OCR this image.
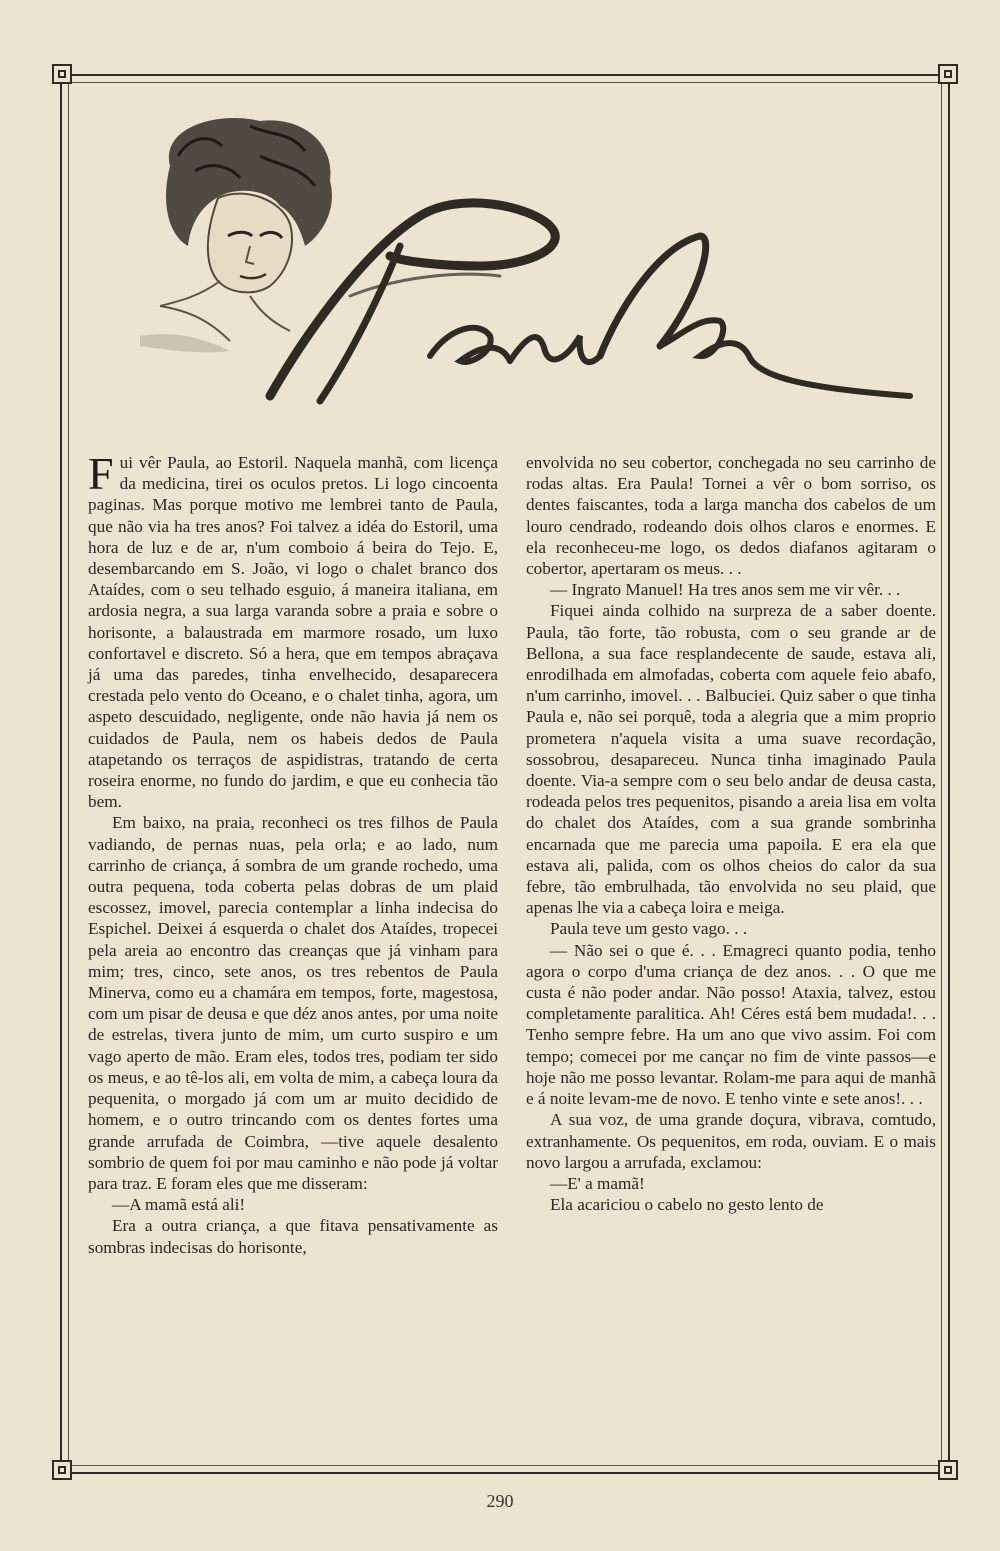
Fui vêr Paula, ao Estoril. Naquela manhã, com licença da medicina, tirei os oculos pretos. Li logo cincoenta paginas. Mas porque motivo me lembrei tanto de Paula, que não via ha tres anos? Foi talvez a idéa do Estoril, uma hora de luz e de ar, n'um comboio á beira do Tejo. E, desembarcando em S. João, vi logo o chalet branco dos Ataídes, com o seu telhado esguio, á maneira italiana, em ardosia negra, a sua larga varanda sobre a praia e sobre o horisonte, a balaustrada em marmore rosado, um luxo confortavel e discreto. Só a hera, que em tempos abraçava já uma das paredes, tinha envelhecido, desaparecera crestada pelo vento do Oceano, e o chalet tinha, agora, um aspeto descuidado, negligente, onde não havia já nem os cuidados de Paula, nem os habeis dedos de Paula atapetando os terraços de aspidistras, tratando de certa roseira enorme, no fundo do jardim, e que eu conhecia tão bem.

Em baixo, na praia, reconheci os tres filhos de Paula vadiando, de pernas nuas, pela orla; e ao lado, num carrinho de criança, á sombra de um grande rochedo, uma outra pequena, toda coberta pelas dobras de um plaid escossez, imovel, parecia contemplar a linha indecisa do Espichel. Deixei á esquerda o chalet dos Ataídes, tropecei pela areia ao encontro das creanças que já vinham para mim; tres, cinco, sete anos, os tres rebentos de Paula Minerva, como eu a chamára em tempos, forte, magestosa, com um pisar de deusa e que déz anos antes, por uma noite de estrelas, tivera junto de mim, um curto suspiro e um vago aperto de mão. Eram eles, todos tres, podiam ter sido os meus, e ao tê-los ali, em volta de mim, a cabeça loura da pequenita, o morgado já com um ar muito decidido de homem, e o outro trincando com os dentes fortes uma grande arrufada de Coimbra, —tive aquele desalento sombrio de quem foi por mau caminho e não pode já voltar para traz. E foram eles que me disseram:

—A mamã está ali!

Era a outra criança, a que fitava pensativamente as sombras indecisas do horisonte,

envolvida no seu cobertor, conchegada no seu carrinho de rodas altas. Era Paula! Tornei a vêr o bom sorriso, os dentes faiscantes, toda a larga mancha dos cabelos de um louro cendrado, rodeando dois olhos claros e enormes. E ela reconheceu-me logo, os dedos diafanos agitaram o cobertor, apertaram os meus. . .

— Ingrato Manuel! Ha tres anos sem me vir vêr. . .

Fiquei ainda colhido na surpreza de a saber doente. Paula, tão forte, tão robusta, com o seu grande ar de Bellona, a sua face resplandecente de saude, estava ali, enrodilhada em almofadas, coberta com aquele feio abafo, n'um carrinho, imovel. . . Balbuciei. Quiz saber o que tinha Paula e, não sei porquê, toda a alegria que a mim proprio prometera n'aquela visita a uma suave recordação, sossobrou, desapareceu. Nunca tinha imaginado Paula doente. Via-a sempre com o seu belo andar de deusa casta, rodeada pelos tres pequenitos, pisando a areia lisa em volta do chalet dos Ataídes, com a sua grande sombrinha encarnada que me parecia uma papoila. E era ela que estava ali, palida, com os olhos cheios do calor da sua febre, tão embrulhada, tão envolvida no seu plaid, que apenas lhe via a cabeça loira e meiga.

Paula teve um gesto vago. . .

— Não sei o que é. . . Emagreci quanto podia, tenho agora o corpo d'uma criança de dez anos. . . O que me custa é não poder andar. Não posso! Ataxia, talvez, estou completamente paralitica. Ah! Céres está bem mudada!. . . Tenho sempre febre. Ha um ano que vivo assim. Foi com tempo; comecei por me cançar no fim de vinte passos—e hoje não me posso levantar. Rolam-me para aqui de manhã e á noite levam-me de novo. E tenho vinte e sete anos!. . .

A sua voz, de uma grande doçura, vibrava, comtudo, extranhamente. Os pequenitos, em roda, ouviam. E o mais novo largou a arrufada, exclamou:

—E' a mamã!

Ela acariciou o cabelo no gesto lento de

290
